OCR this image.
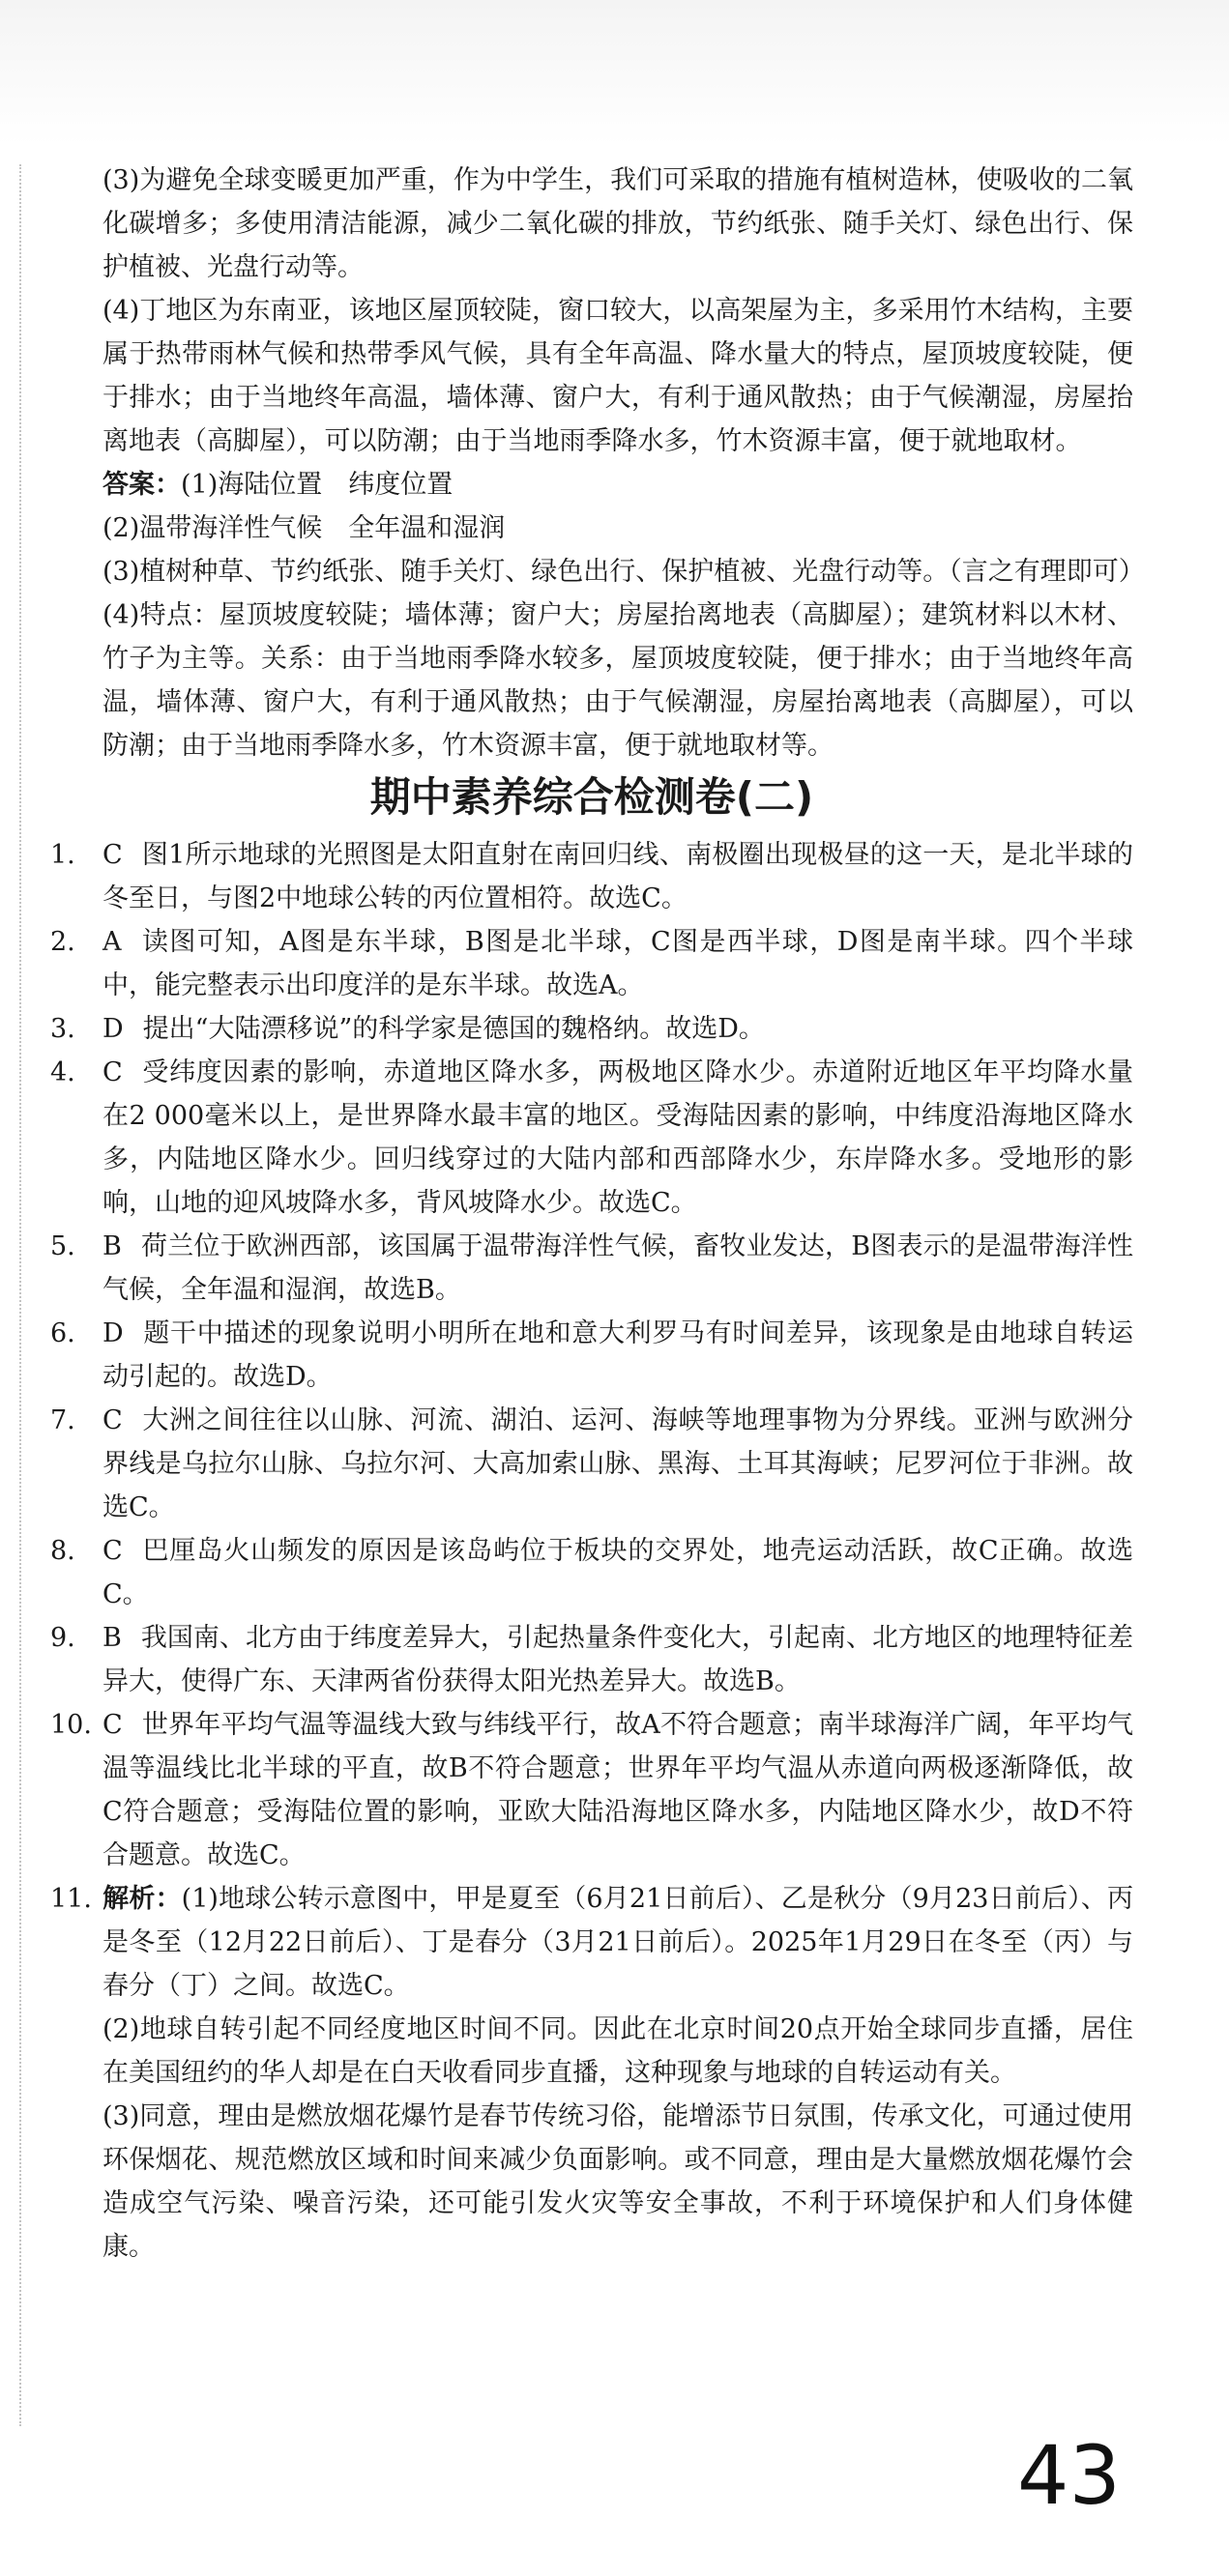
(3)为避免全球变暖更加严重，作为中学生，我们可采取的措施有植树造林，使吸收的二氧化碳增多；多使用清洁能源，减少二氧化碳的排放，节约纸张、随手关灯、绿色出行、保护植被、光盘行动等。

(4)丁地区为东南亚，该地区屋顶较陡，窗口较大，以高架屋为主，多采用竹木结构，主要属于热带雨林气候和热带季风气候，具有全年高温、降水量大的特点，屋顶坡度较陡，便于排水；由于当地终年高温，墙体薄、窗户大，有利于通风散热；由于气候潮湿，房屋抬离地表（高脚屋），可以防潮；由于当地雨季降水多，竹木资源丰富，便于就地取材。

答案：(1)海陆位置　纬度位置

(2)温带海洋性气候　全年温和湿润

(3)植树种草、节约纸张、随手关灯、绿色出行、保护植被、光盘行动等。（言之有理即可）

(4)特点：屋顶坡度较陡；墙体薄；窗户大；房屋抬离地表（高脚屋）；建筑材料以木材、竹子为主等。关系：由于当地雨季降水较多，屋顶坡度较陡，便于排水；由于当地终年高温，墙体薄、窗户大，有利于通风散热；由于气候潮湿，房屋抬离地表（高脚屋），可以防潮；由于当地雨季降水多，竹木资源丰富，便于就地取材等。

期中素养综合检测卷(二)

1. C 图1所示地球的光照图是太阳直射在南回归线、南极圈出现极昼的这一天，是北半球的冬至日，与图2中地球公转的丙位置相符。故选C。

2. A 读图可知，A图是东半球，B图是北半球，C图是西半球，D图是南半球。四个半球中，能完整表示出印度洋的是东半球。故选A。

3. D 提出“大陆漂移说”的科学家是德国的魏格纳。故选D。

4. C 受纬度因素的影响，赤道地区降水多，两极地区降水少。赤道附近地区年平均降水量在2 000毫米以上，是世界降水最丰富的地区。受海陆因素的影响，中纬度沿海地区降水多，内陆地区降水少。回归线穿过的大陆内部和西部降水少，东岸降水多。受地形的影响，山地的迎风坡降水多，背风坡降水少。故选C。

5. B 荷兰位于欧洲西部，该国属于温带海洋性气候，畜牧业发达，B图表示的是温带海洋性气候，全年温和湿润，故选B。

6. D 题干中描述的现象说明小明所在地和意大利罗马有时间差异，该现象是由地球自转运动引起的。故选D。

7. C 大洲之间往往以山脉、河流、湖泊、运河、海峡等地理事物为分界线。亚洲与欧洲分界线是乌拉尔山脉、乌拉尔河、大高加索山脉、黑海、土耳其海峡；尼罗河位于非洲。故选C。

8. C 巴厘岛火山频发的原因是该岛屿位于板块的交界处，地壳运动活跃，故C正确。故选C。

9. B 我国南、北方由于纬度差异大，引起热量条件变化大，引起南、北方地区的地理特征差异大，使得广东、天津两省份获得太阳光热差异大。故选B。

10. C 世界年平均气温等温线大致与纬线平行，故A不符合题意；南半球海洋广阔，年平均气温等温线比北半球的平直，故B不符合题意；世界年平均气温从赤道向两极逐渐降低，故C符合题意；受海陆位置的影响，亚欧大陆沿海地区降水多，内陆地区降水少，故D不符合题意。故选C。

11. 解析：(1)地球公转示意图中，甲是夏至（6月21日前后）、乙是秋分（9月23日前后）、丙是冬至（12月22日前后）、丁是春分（3月21日前后）。2025年1月29日在冬至（丙）与春分（丁）之间。故选C。

(2)地球自转引起不同经度地区时间不同。因此在北京时间20点开始全球同步直播，居住在美国纽约的华人却是在白天收看同步直播，这种现象与地球的自转运动有关。

(3)同意，理由是燃放烟花爆竹是春节传统习俗，能增添节日氛围，传承文化，可通过使用环保烟花、规范燃放区域和时间来减少负面影响。或不同意，理由是大量燃放烟花爆竹会造成空气污染、噪音污染，还可能引发火灾等安全事故，不利于环境保护和人们身体健康。

43
